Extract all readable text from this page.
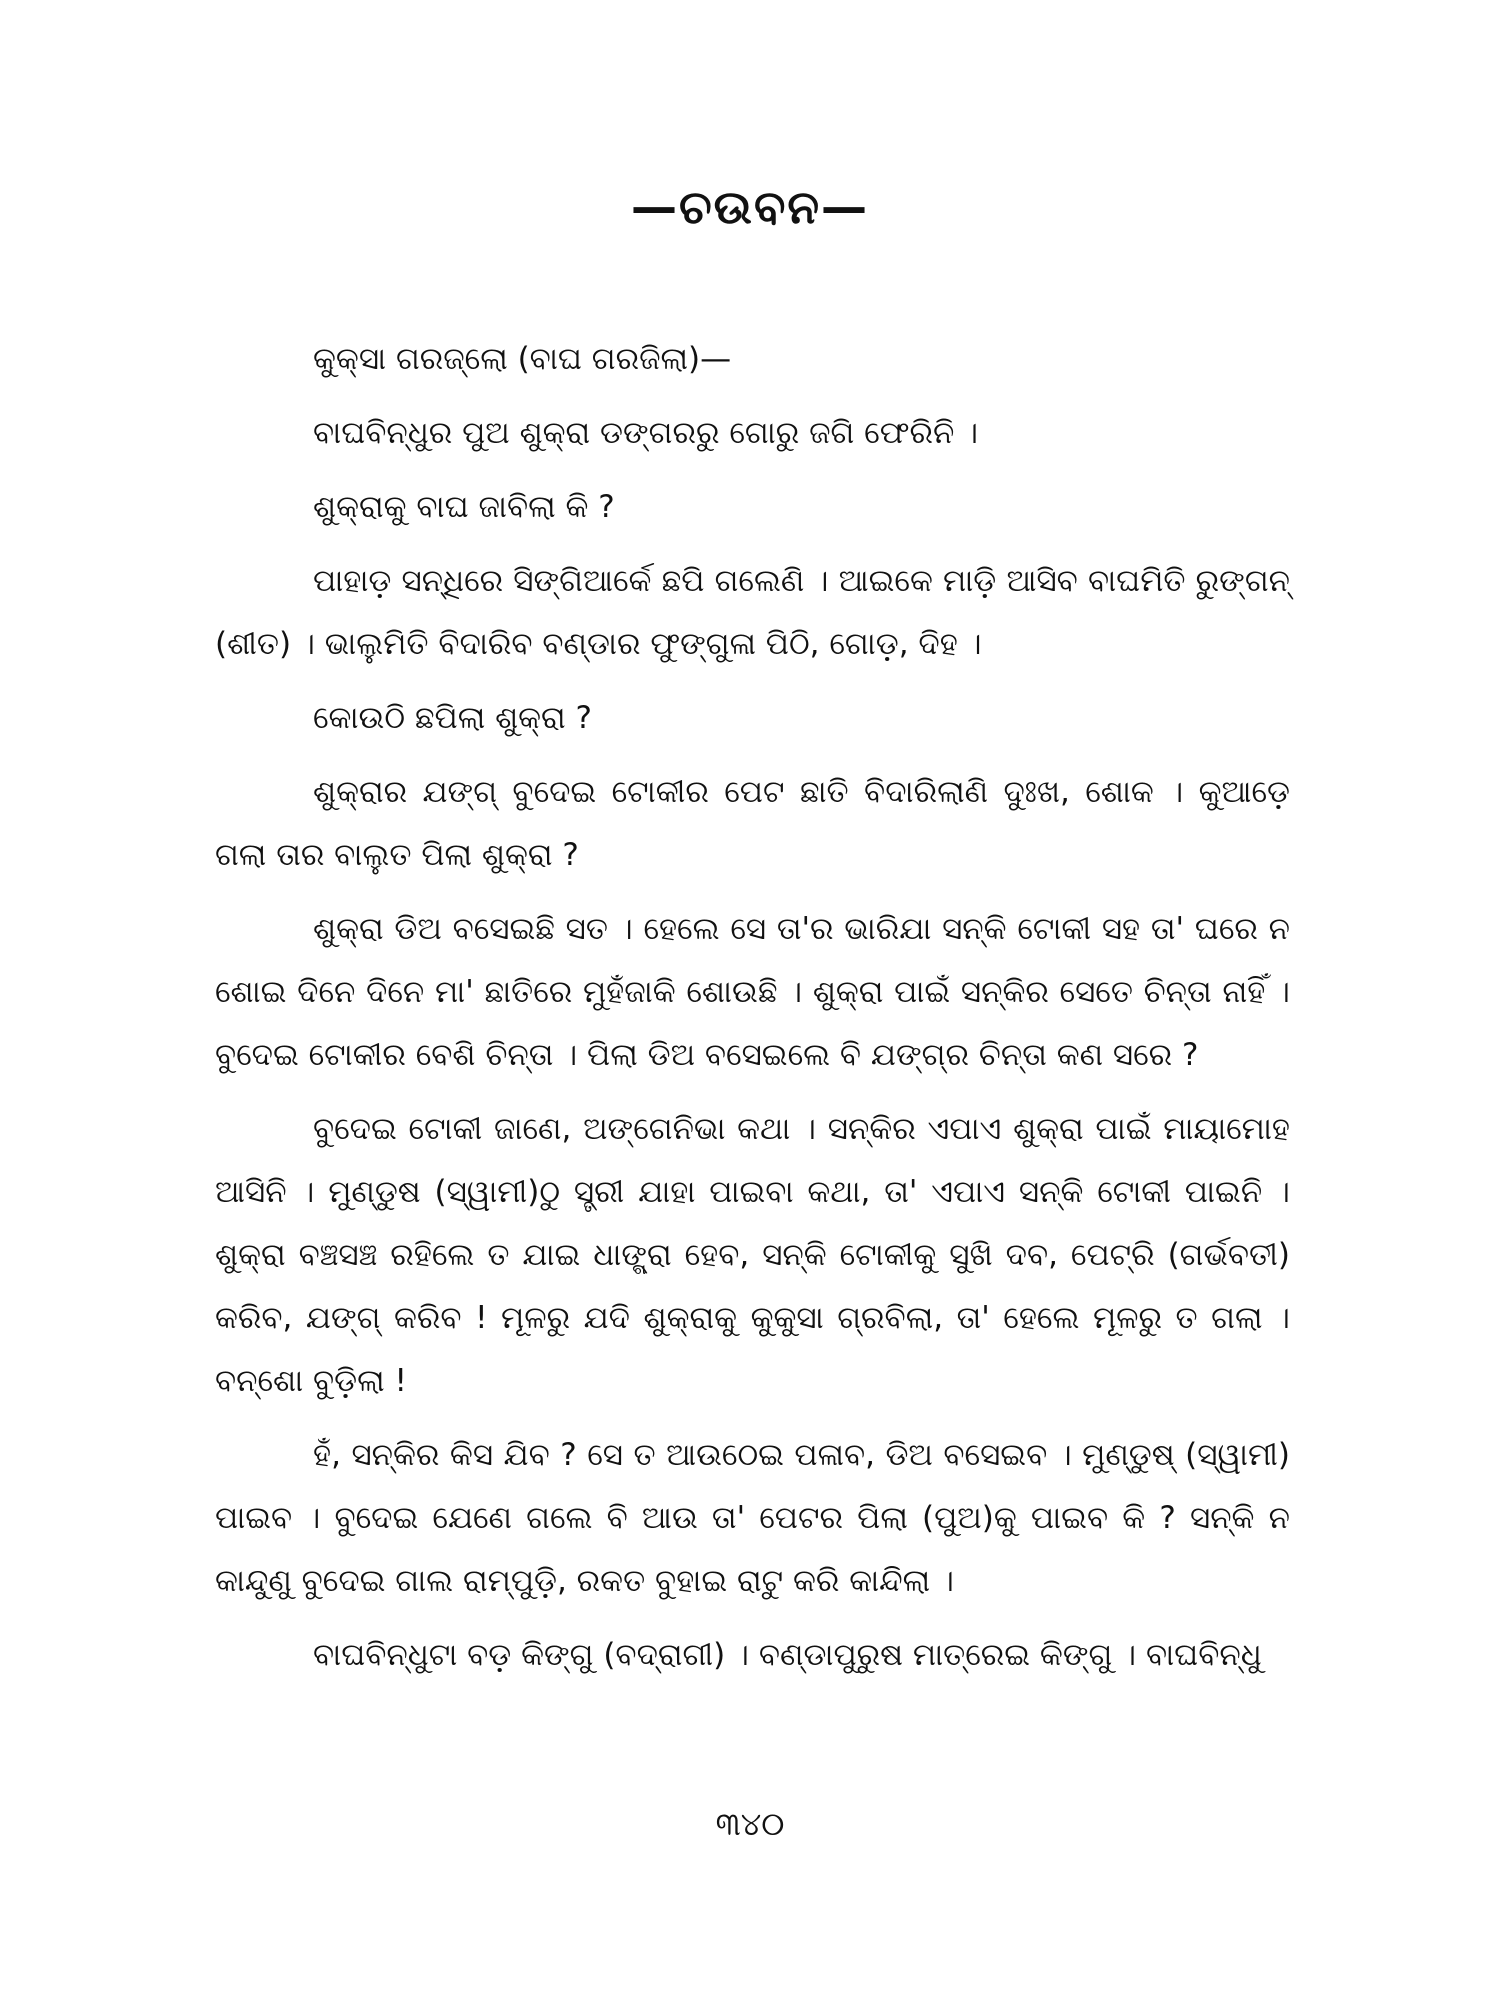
—ଚଉବନ—

କୁକ୍‌ସା ଗରଜ୍‌ଲୋ (ବାଘ ଗରଜିଲା)—

ବାଘବିନ୍ଧୁର ପୁଅ ଶୁକ୍ରା ଡଙ୍ଗରରୁ ଗୋରୁ ଜଗି ଫେରିନି ।

ଶୁକ୍ରାକୁ ବାଘ ଜାବିଲା କି ?

ପାହାଡ଼ ସନ୍ଧିରେ ସିଙ୍ଗିଆର୍କେ ଛପି ଗଲେଣି । ଆଇକେ ମାଡ଼ି ଆସିବ ବାଘମିତି ରୁଙ୍ଗନ୍ (ଶୀତ) । ଭାଲୁମିତି ବିଦାରିବ ବଣ୍ଡାର ଫୁଙ୍ଗୁଳା ପିଠି, ଗୋଡ଼, ଦିହ ।

କୋଉଠି ଛପିଲା ଶୁକ୍ରା ?

ଶୁକ୍ରାର ଯଙ୍ଗ୍ ବୁଦେଇ ଟୋକୀର ପେଟ ଛାତି ବିଦାରିଲାଣି ଦୁଃଖ, ଶୋକ । କୁଆଡ଼େ ଗଲା ତାର ବାଲୁତ ପିଲା ଶୁକ୍ରା ?

ଶୁକ୍ରା ଡିଅ ବସେଇଛି ସତ । ହେଲେ ସେ ତା'ର ଭାରିଯା ସନ୍‌କି ଟୋକୀ ସହ ତା' ଘରେ ନ ଶୋଇ ଦିନେ ଦିନେ ମା' ଛାତିରେ ମୁହଁଜାକି ଶୋଉଛି । ଶୁକ୍ରା ପାଇଁ ସନ୍‌କିର ସେତେ ଚିନ୍ତା ନାହିଁ । ବୁଦେଇ ଟୋକୀର ବେଶି ଚିନ୍ତା । ପିଲା ଡିଅ ବସେଇଲେ ବି ଯଙ୍ଗ୍‌ର ଚିନ୍ତା କଣ ସରେ ?

ବୁଦେଇ ଟୋକୀ ଜାଣେ, ଅଙ୍ଗେନିଭା କଥା । ସନ୍‌କିର ଏପାଏ ଶୁକ୍ରା ପାଇଁ ମାୟାମୋହ ଆସିନି । ମୁଣ୍ଡୁଷ (ସ୍ୱାମୀ)ଠୁ ସ୍ତ୍ରୀ ଯାହା ପାଇବା କଥା, ତା' ଏପାଏ ସନ୍‌କି ଟୋକୀ ପାଇନି । ଶୁକ୍ରା ବଞ୍ଚସଞ୍ଚ ରହିଲେ ତ ଯାଇ ଧାଙ୍ଗ୍ରା ହେବ, ସନ୍‌କି ଟୋକୀକୁ ସୁଖି ଦବ, ପେଟ୍‌ରି (ଗର୍ଭବତୀ) କରିବ, ଯଙ୍ଗ୍ କରିବ ! ମୂଳରୁ ଯଦି ଶୁକ୍ରାକୁ କୁକୁସା ଗ୍ରବିଲା, ତା' ହେଲେ ମୂଳରୁ ତ ଗଲା । ବନ୍‌ଶୋ ବୁଡ଼ିଲା !

ହଁ, ସନ୍‌କିର କିସ ଯିବ ? ସେ ତ ଆଉଠେଇ ପଳାବ, ଡିଅ ବସେଇବ । ମୁଣ୍ଡୁଷ୍ (ସ୍ୱାମୀ) ପାଇବ । ବୁଦେଇ ଯେଣେ ଗଲେ ବି ଆଉ ତା' ପେଟର ପିଲା (ପୁଅ)କୁ ପାଇବ କି ? ସନ୍‌କି ନ କାନ୍ଦୁଣୁ ବୁଦେଇ ଗାଲ ରାମ୍ପୁଡ଼ି, ରକତ ବୁହାଇ ରାଟୁ କରି କାନ୍ଦିଲା ।

ବାଘବିନ୍ଧୁଟା ବଡ଼ କିଙ୍ଗୁ (ବଦ୍‌ରାଗୀ) । ବଣ୍ଡାପୁରୁଷ ମାତ୍ରେଇ କିଙ୍ଗୁ । ବାଘବିନ୍ଧୁ

୩୪୦
